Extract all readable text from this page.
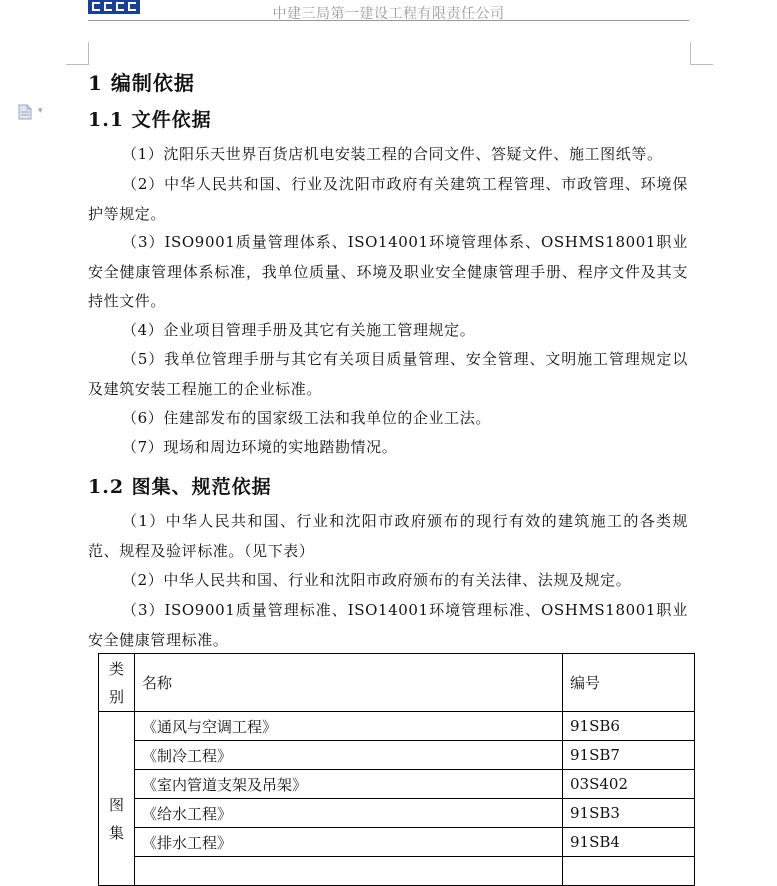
中建三局第一建设工程有限责任公司
▾
1 编制依据
1.1 文件依据
（1）沈阳乐天世界百货店机电安装工程的合同文件、答疑文件、施工图纸等。
（2）中华人民共和国、行业及沈阳市政府有关建筑工程管理、市政管理、环境保护等规定。
（3）ISO9001质量管理体系、ISO14001环境管理体系、OSHMS18001职业安全健康管理体系标准，我单位质量、环境及职业安全健康管理手册、程序文件及其支持性文件。
（4）企业项目管理手册及其它有关施工管理规定。
（5）我单位管理手册与其它有关项目质量管理、安全管理、文明施工管理规定以及建筑安装工程施工的企业标准。
（6）住建部发布的国家级工法和我单位的企业工法。
（7）现场和周边环境的实地踏勘情况。
1.2 图集、规范依据
（1）中华人民共和国、行业和沈阳市政府颁布的现行有效的建筑施工的各类规范、规程及验评标准。（见下表）
（2）中华人民共和国、行业和沈阳市政府颁布的有关法律、法规及规定。
（3）ISO9001质量管理标准、ISO14001环境管理标准、OSHMS18001职业安全健康管理标准。
类别	名称	编号
图集	《通风与空调工程》	91SB6
	《制冷工程》	91SB7
	《室内管道支架及吊架》	03S402
	《给水工程》	91SB3
	《排水工程》	91SB4
